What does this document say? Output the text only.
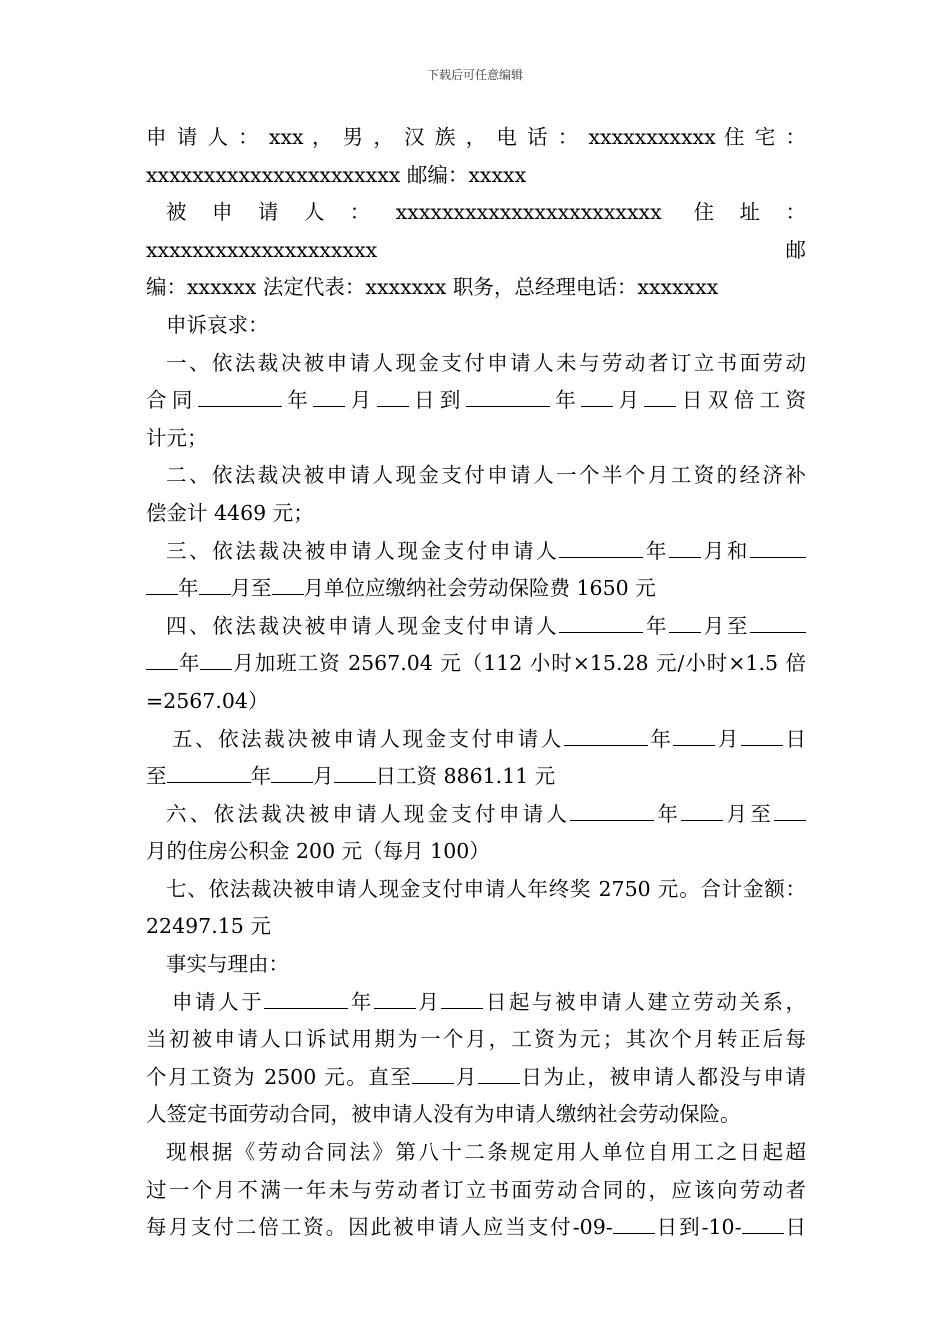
下载后可任意编辑

申 请 人 ： xxx ， 男 ， 汉 族 ， 电 话 ： xxxxxxxxxxx 住 宅 ：

xxxxxxxxxxxxxxxxxxxxxx 邮编：xxxxx

被申请人：xxxxxxxxxxxxxxxxxxxxxxx 住址：xxxxxxxxxxxxxxxxxxxx 邮

编：xxxxxx 法定代表：xxxxxxx 职务，总经理电话：xxxxxxx

申诉哀求：

一、依法裁决被申请人现金支付申请人未与劳动者订立书面劳动

合同	年 月 日到	年 月 日双倍工资

计元；

二、依法裁决被申请人现金支付申请人一个半个月工资的经济补

偿金计 4469 元；

三、依法裁决被申请人现金支付申请人	年 月和

年 月至 月单位应缴纳社会劳动保险费 1650 元

四、依法裁决被申请人现金支付申请人	年 月至

年 月加班工资 2567.04 元（112 小时×15.28 元/小时×1.5 倍

=2567.04）

五、依法裁决被申请人现金支付申请人	年 月 日

至	年 月 日工资 8861.11 元

六、依法裁决被申请人现金支付申请人	年 月至

月的住房公积金 200 元（每月 100）

七、依法裁决被申请人现金支付申请人年终奖 2750 元。合计金额：

22497.15 元

事实与理由：

申请人于	年 月 日起与被申请人建立劳动关系，

当初被申请人口诉试用期为一个月，工资为元；其次个月转正后每

个月工资为 2500 元。直至 月 日为止，被申请人都没与申请

人签定书面劳动合同，被申请人没有为申请人缴纳社会劳动保险。

现根据《劳动合同法》第八十二条规定用人单位自用工之日起超

过一个月不满一年未与劳动者订立书面劳动合同的，应该向劳动者

每月支付二倍工资。因此被申请人应当支付-09- 日到-10- 日
